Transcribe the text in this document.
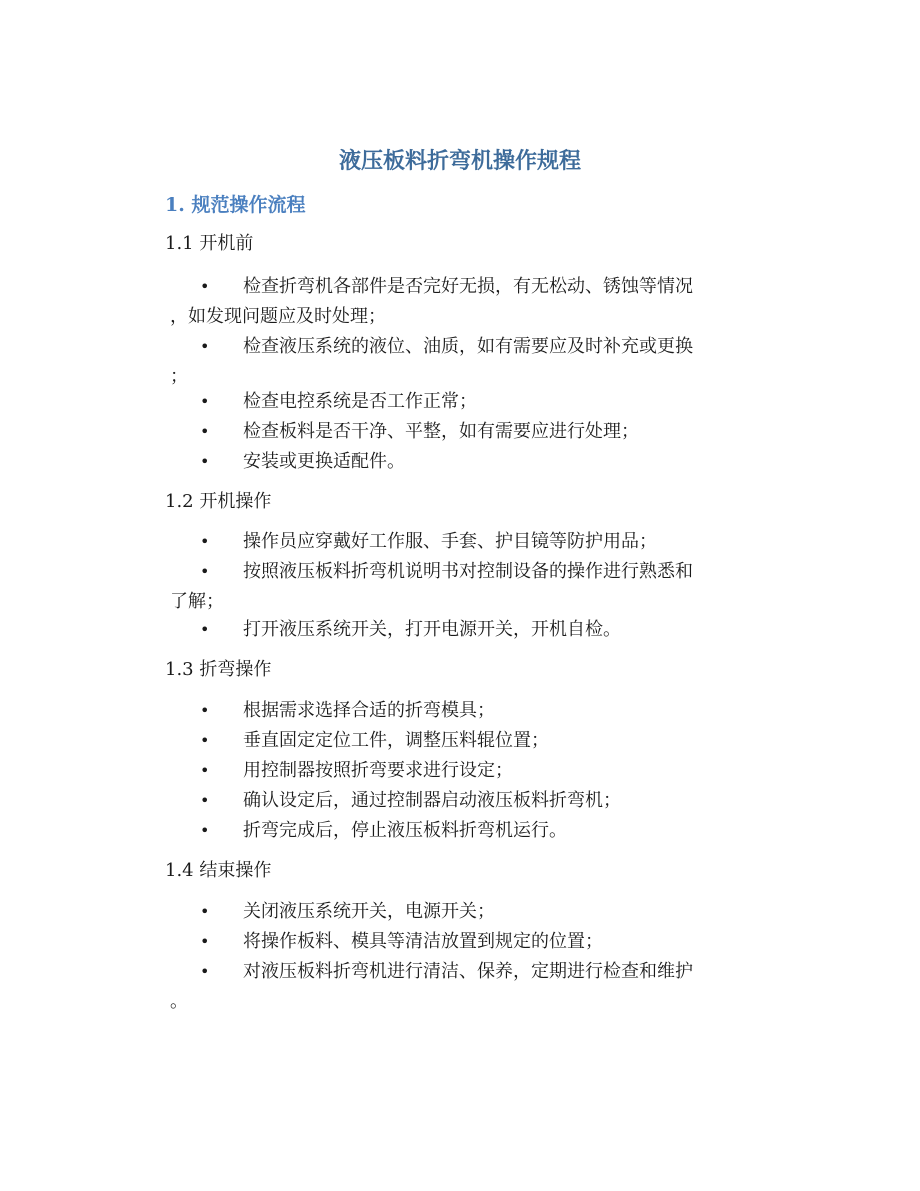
液压板料折弯机操作规程
1. 规范操作流程
1.1 开机前
• 检查折弯机各部件是否完好无损，有无松动、锈蚀等情况
，如发现问题应及时处理；
• 检查液压系统的液位、油质，如有需要应及时补充或更换
；
• 检查电控系统是否工作正常；
• 检查板料是否干净、平整，如有需要应进行处理；
• 安装或更换适配件。
1.2 开机操作
• 操作员应穿戴好工作服、手套、护目镜等防护用品；
• 按照液压板料折弯机说明书对控制设备的操作进行熟悉和
了解；
• 打开液压系统开关，打开电源开关，开机自检。
1.3 折弯操作
• 根据需求选择合适的折弯模具；
• 垂直固定定位工件，调整压料辊位置；
• 用控制器按照折弯要求进行设定；
• 确认设定后，通过控制器启动液压板料折弯机；
• 折弯完成后，停止液压板料折弯机运行。
1.4 结束操作
• 关闭液压系统开关，电源开关；
• 将操作板料、模具等清洁放置到规定的位置；
• 对液压板料折弯机进行清洁、保养，定期进行检查和维护
。
